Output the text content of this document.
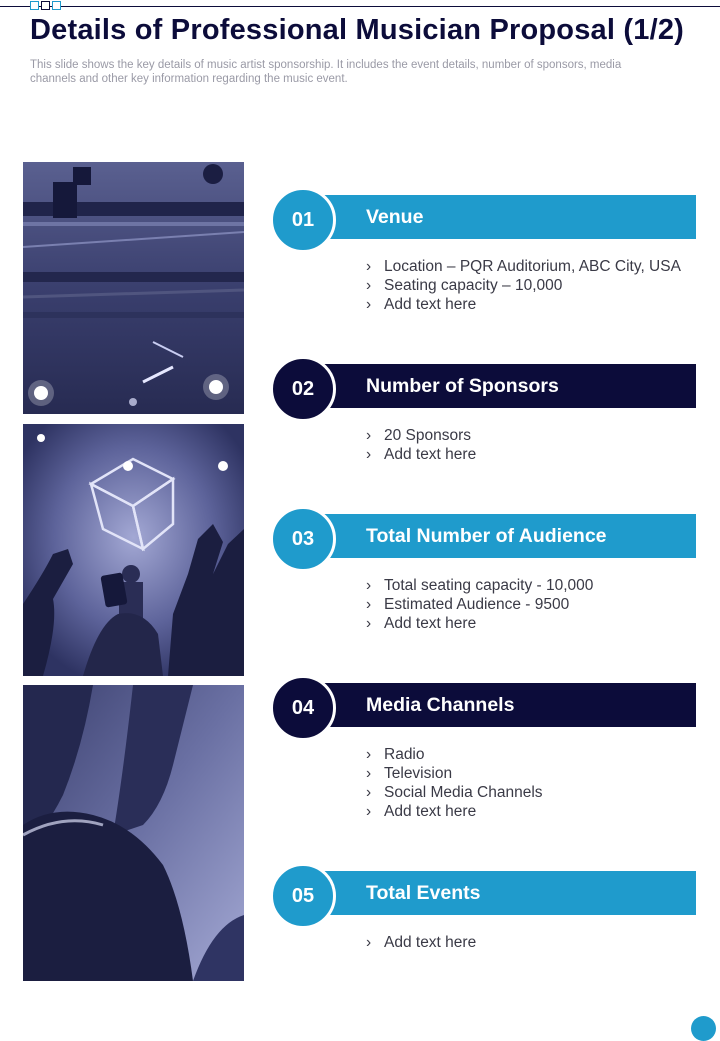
Details of Professional Musician Proposal (1/2)

This slide shows the key details of music artist sponsorship. It includes the event details, number of sponsors, media channels and other key information regarding the music event.

01	Venue
› Location – PQR Auditorium, ABC City, USA
› Seating capacity – 10,000
› Add text here
02	Number of Sponsors
› 20 Sponsors
› Add text here
03	Total Number of Audience
› Total seating capacity - 10,000
› Estimated Audience - 9500
› Add text here
04	Media Channels
› Radio
› Television
› Social Media Channels
› Add text here
05	Total Events
› Add text here
